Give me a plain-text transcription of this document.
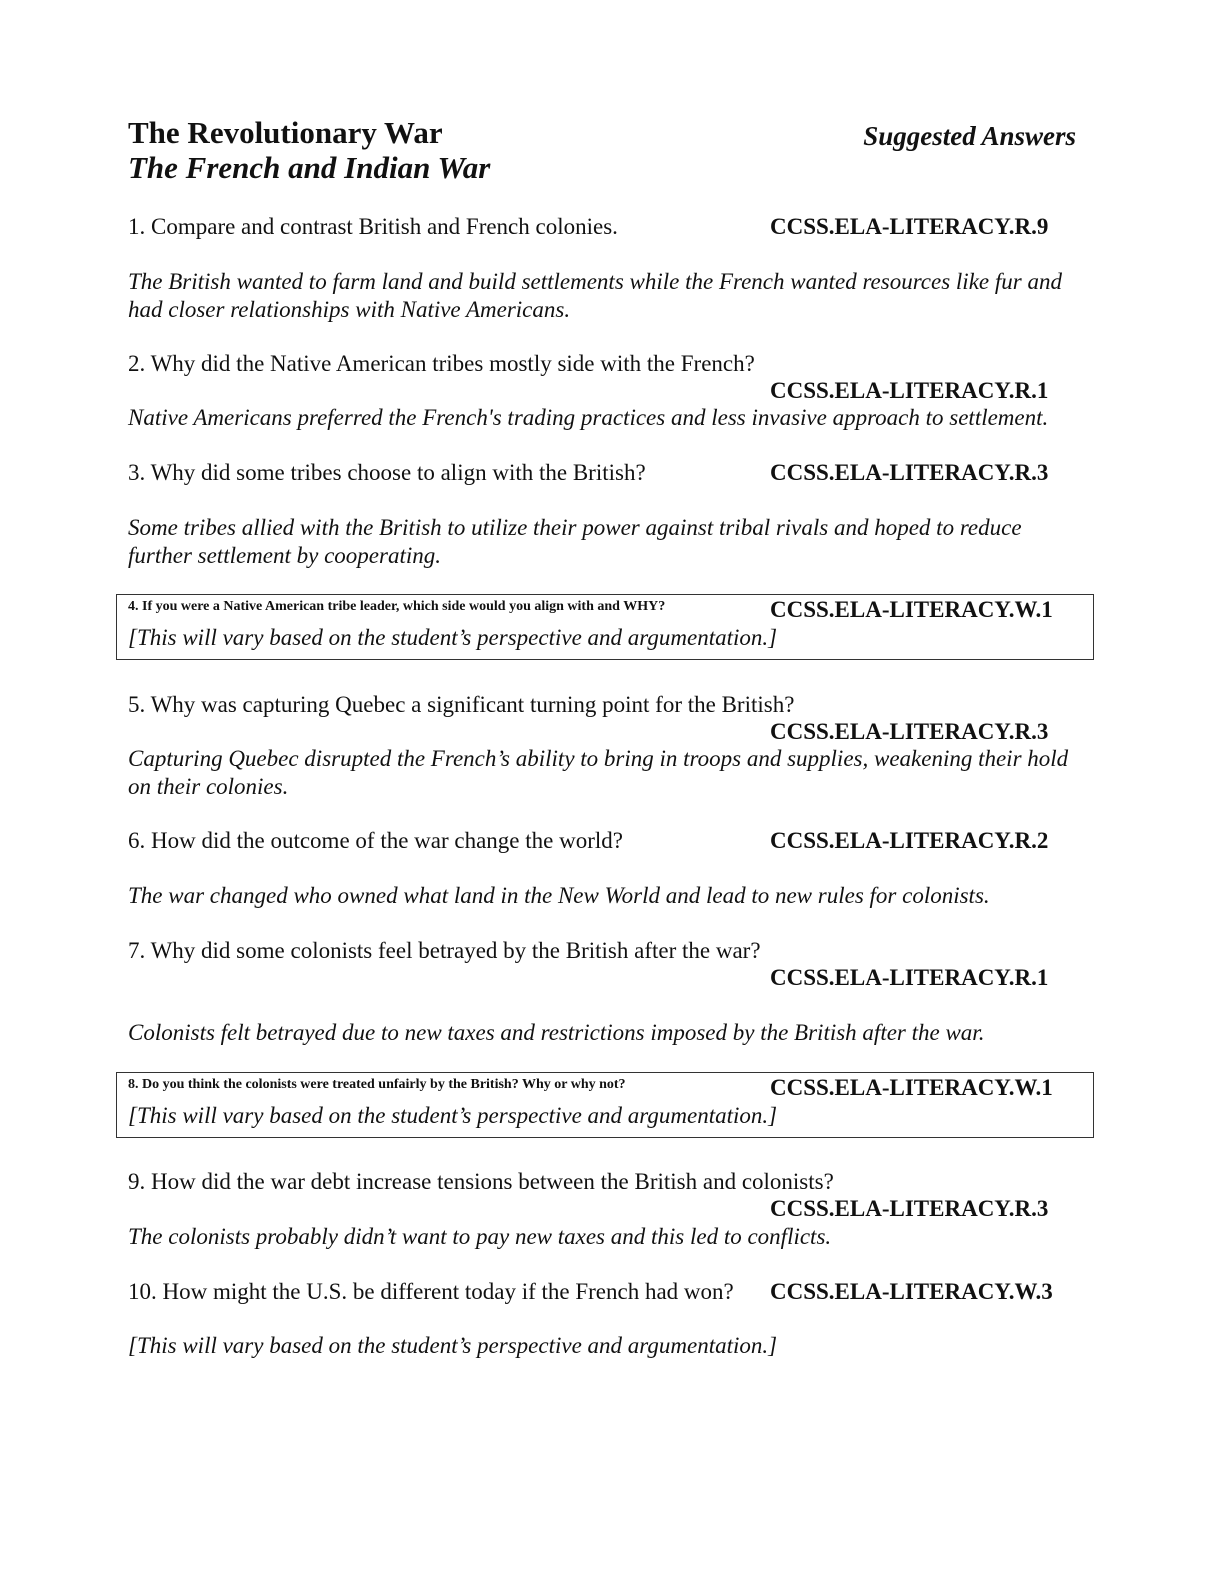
The Revolutionary War
The French and Indian War
Suggested Answers
1. Compare and contrast British and French colonies.	CCSS.ELA-LITERACY.R.9
The British wanted to farm land and build settlements while the French wanted resources like fur and had closer relationships with Native Americans.
2. Why did the Native American tribes mostly side with the French?
CCSS.ELA-LITERACY.R.1
Native Americans preferred the French's trading practices and less invasive approach to settlement.
3. Why did some tribes choose to align with the British?	CCSS.ELA-LITERACY.R.3
Some tribes allied with the British to utilize their power against tribal rivals and hoped to reduce further settlement by cooperating.
4. If you were a Native American tribe leader, which side would you align with and WHY?	CCSS.ELA-LITERACY.W.1
[This will vary based on the student’s perspective and argumentation.]
5. Why was capturing Quebec a significant turning point for the British?
CCSS.ELA-LITERACY.R.3
Capturing Quebec disrupted the French’s ability to bring in troops and supplies, weakening their hold on their colonies.
6. How did the outcome of the war change the world?	CCSS.ELA-LITERACY.R.2
The war changed who owned what land in the New World and lead to new rules for colonists.
7. Why did some colonists feel betrayed by the British after the war?
CCSS.ELA-LITERACY.R.1
Colonists felt betrayed due to new taxes and restrictions imposed by the British after the war.
8. Do you think the colonists were treated unfairly by the British? Why or why not?	CCSS.ELA-LITERACY.W.1
[This will vary based on the student’s perspective and argumentation.]
9. How did the war debt increase tensions between the British and colonists?
CCSS.ELA-LITERACY.R.3
The colonists probably didn’t want to pay new taxes and this led to conflicts.
10. How might the U.S. be different today if the French had won? CCSS.ELA-LITERACY.W.3
[This will vary based on the student’s perspective and argumentation.]
